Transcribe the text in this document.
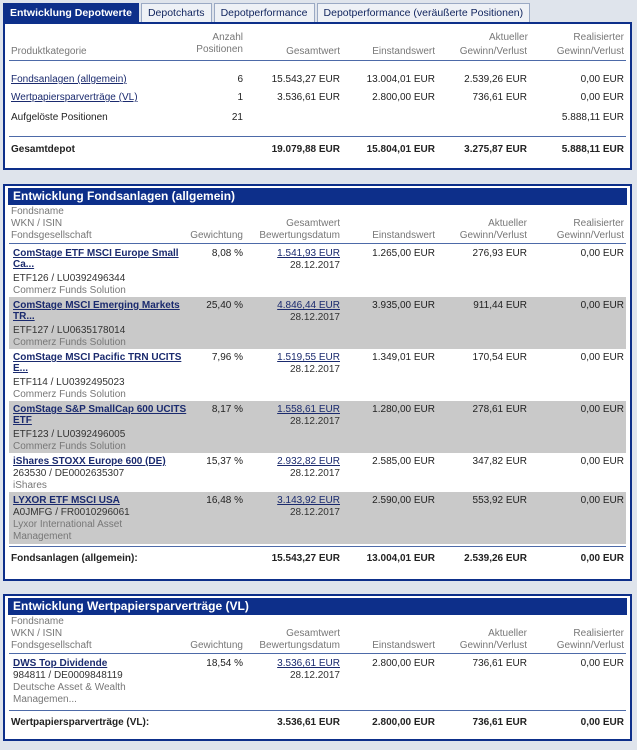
Entwicklung Depotwerte	Depotcharts	Depotperformance	Depotperformance (veräußerte Positionen)
Anzahl
Positionen
Aktueller	Realisierter
Produktkategorie	Gesamtwert	Einstandswert	Gewinn/Verlust	Gewinn/Verlust
Fondsanlagen (allgemein)	6	15.543,27 EUR	13.004,01 EUR	2.539,26 EUR	0,00 EUR
Wertpapiersparverträge (VL)	1	3.536,61 EUR	2.800,00 EUR	736,61 EUR	0,00 EUR
Aufgelöste Positionen	21	5.888,11 EUR
Gesamtdepot	19.079,88 EUR	15.804,01 EUR	3.275,87 EUR	5.888,11 EUR
Entwicklung Fondsanlagen (allgemein)
Fondsname
WKN / ISIN
Fondsgesellschaft	Gewichtung
Gesamtwert
Bewertungsdatum	Einstandswert
Aktueller
Gewinn/Verlust
Realisierter
Gewinn/Verlust
ComStage ETF MSCI Europe Small Ca...
ETF126 / LU0392496344
Commerz Funds Solution
8,08 %	1.541,93 EUR
28.12.2017
1.265,00 EUR	276,93 EUR	0,00 EUR
ComStage MSCI Emerging Markets TR...
ETF127 / LU0635178014
Commerz Funds Solution
25,40 %	4.846,44 EUR
28.12.2017
3.935,00 EUR	911,44 EUR	0,00 EUR
ComStage MSCI Pacific TRN UCITS E...
ETF114 / LU0392495023
Commerz Funds Solution
7,96 %	1.519,55 EUR
28.12.2017
1.349,01 EUR	170,54 EUR	0,00 EUR
ComStage S&P SmallCap 600 UCITS ETF
ETF123 / LU0392496005
Commerz Funds Solution
8,17 %	1.558,61 EUR
28.12.2017
1.280,00 EUR	278,61 EUR	0,00 EUR
iShares STOXX Europe 600 (DE)
263530 / DE0002635307
iShares
15,37 %	2.932,82 EUR
28.12.2017
2.585,00 EUR	347,82 EUR	0,00 EUR
LYXOR ETF MSCI USA
A0JMFG / FR0010296061
Lyxor International Asset Management
16,48 %	3.143,92 EUR
28.12.2017
2.590,00 EUR	553,92 EUR	0,00 EUR
Fondsanlagen (allgemein):	15.543,27 EUR	13.004,01 EUR	2.539,26 EUR	0,00 EUR
Entwicklung Wertpapiersparverträge (VL)
Fondsname
WKN / ISIN
Fondsgesellschaft	Gewichtung
Gesamtwert
Bewertungsdatum	Einstandswert
Aktueller
Gewinn/Verlust
Realisierter
Gewinn/Verlust
DWS Top Dividende
984811 / DE0009848119
Deutsche Asset & Wealth Managemen...
18,54 %	3.536,61 EUR
28.12.2017
2.800,00 EUR	736,61 EUR	0,00 EUR
Wertpapiersparverträge (VL):	3.536,61 EUR	2.800,00 EUR	736,61 EUR	0,00 EUR
